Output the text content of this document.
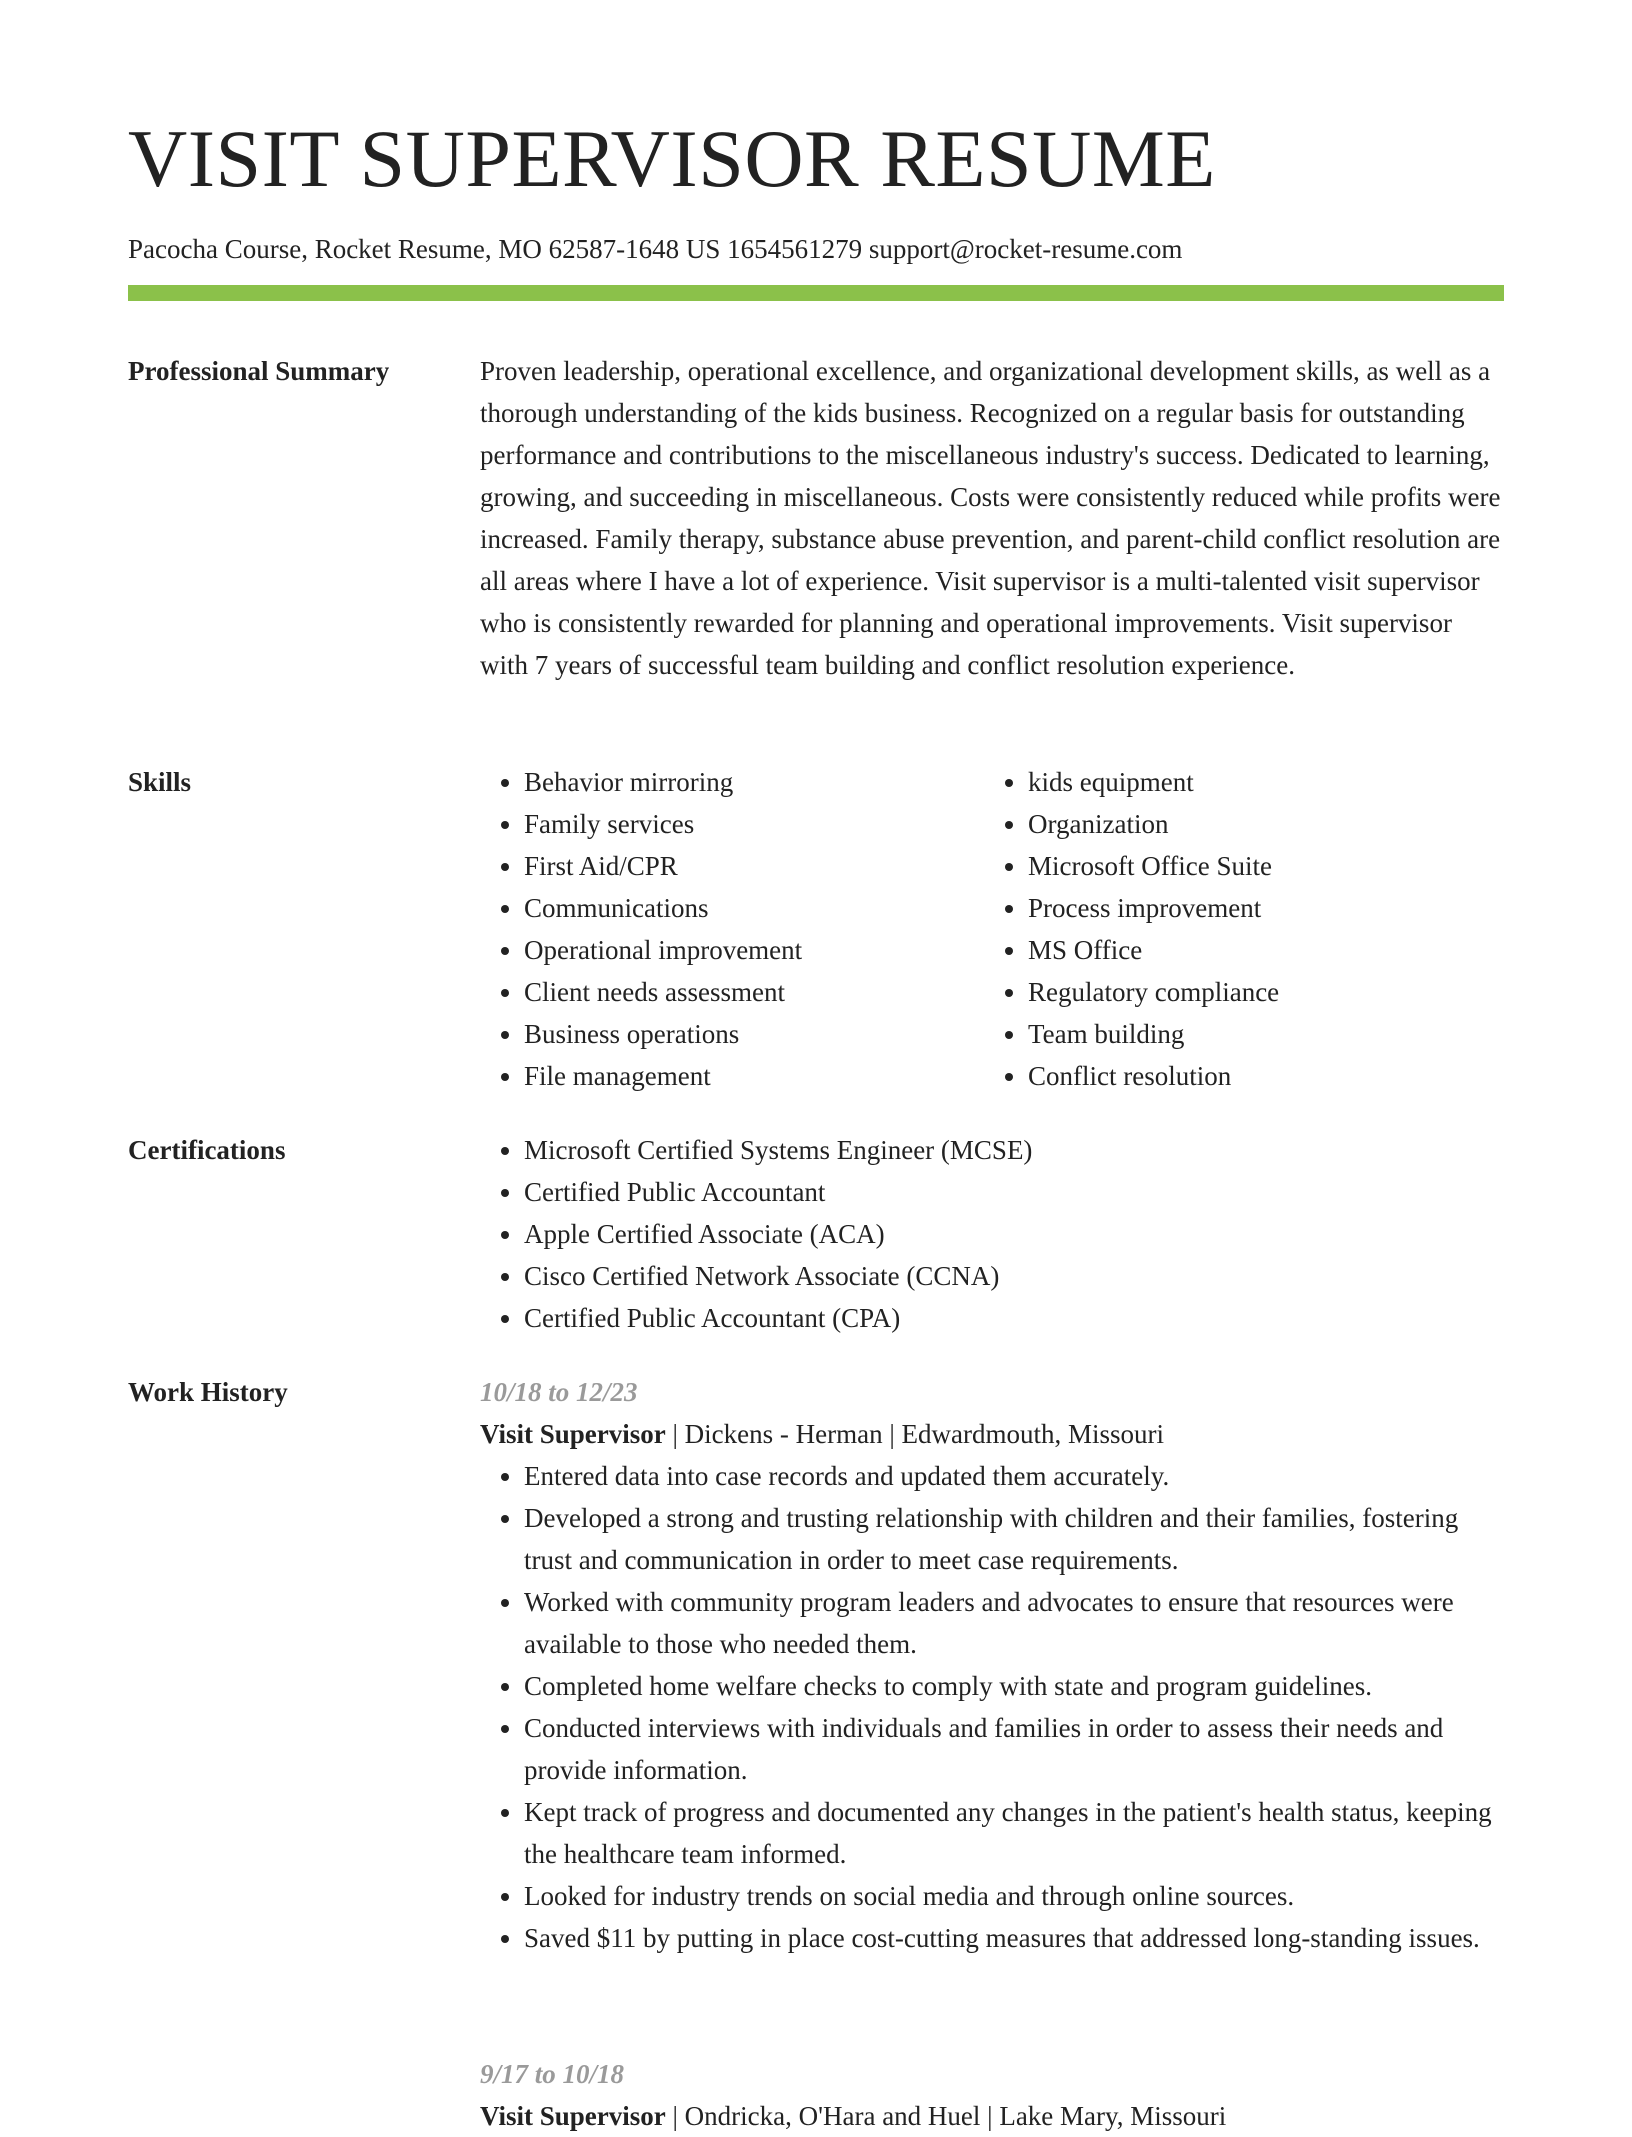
VISIT SUPERVISOR RESUME
Pacocha Course, Rocket Resume, MO 62587-1648 US 1654561279 support@rocket-resume.com
Professional Summary	Proven leadership, operational excellence, and organizational development skills, as well as a thorough understanding of the kids business. Recognized on a regular basis for outstanding performance and contributions to the miscellaneous industry's success. Dedicated to learning, growing, and succeeding in miscellaneous. Costs were consistently reduced while profits were increased. Family therapy, substance abuse prevention, and parent-child conflict resolution are all areas where I have a lot of experience. Visit supervisor is a multi-talented visit supervisor who is consistently rewarded for planning and operational improvements. Visit supervisor with 7 years of successful team building and conflict resolution experience.

Skills	• Behavior mirroring
• Family services
• First Aid/CPR
• Communications
• Operational improvement
• Client needs assessment
• Business operations
• File management
• kids equipment
• Organization
• Microsoft Office Suite
• Process improvement
• MS Office
• Regulatory compliance
• Team building
• Conflict resolution
Certifications	• Microsoft Certified Systems Engineer (MCSE)
• Certified Public Accountant
• Apple Certified Associate (ACA)
• Cisco Certified Network Associate (CCNA)
• Certified Public Accountant (CPA)
Work History	10/18 to 12/23
Visit Supervisor | Dickens - Herman | Edwardmouth, Missouri
• Entered data into case records and updated them accurately.
• Developed a strong and trusting relationship with children and their families, fostering trust and communication in order to meet case requirements.
• Worked with community program leaders and advocates to ensure that resources were available to those who needed them.
• Completed home welfare checks to comply with state and program guidelines.
• Conducted interviews with individuals and families in order to assess their needs and provide information.
• Kept track of progress and documented any changes in the patient's health status, keeping the healthcare team informed.
• Looked for industry trends on social media and through online sources.
• Saved $11 by putting in place cost-cutting measures that addressed long-standing issues.
9/17 to 10/18
Visit Supervisor | Ondricka, O'Hara and Huel | Lake Mary, Missouri
